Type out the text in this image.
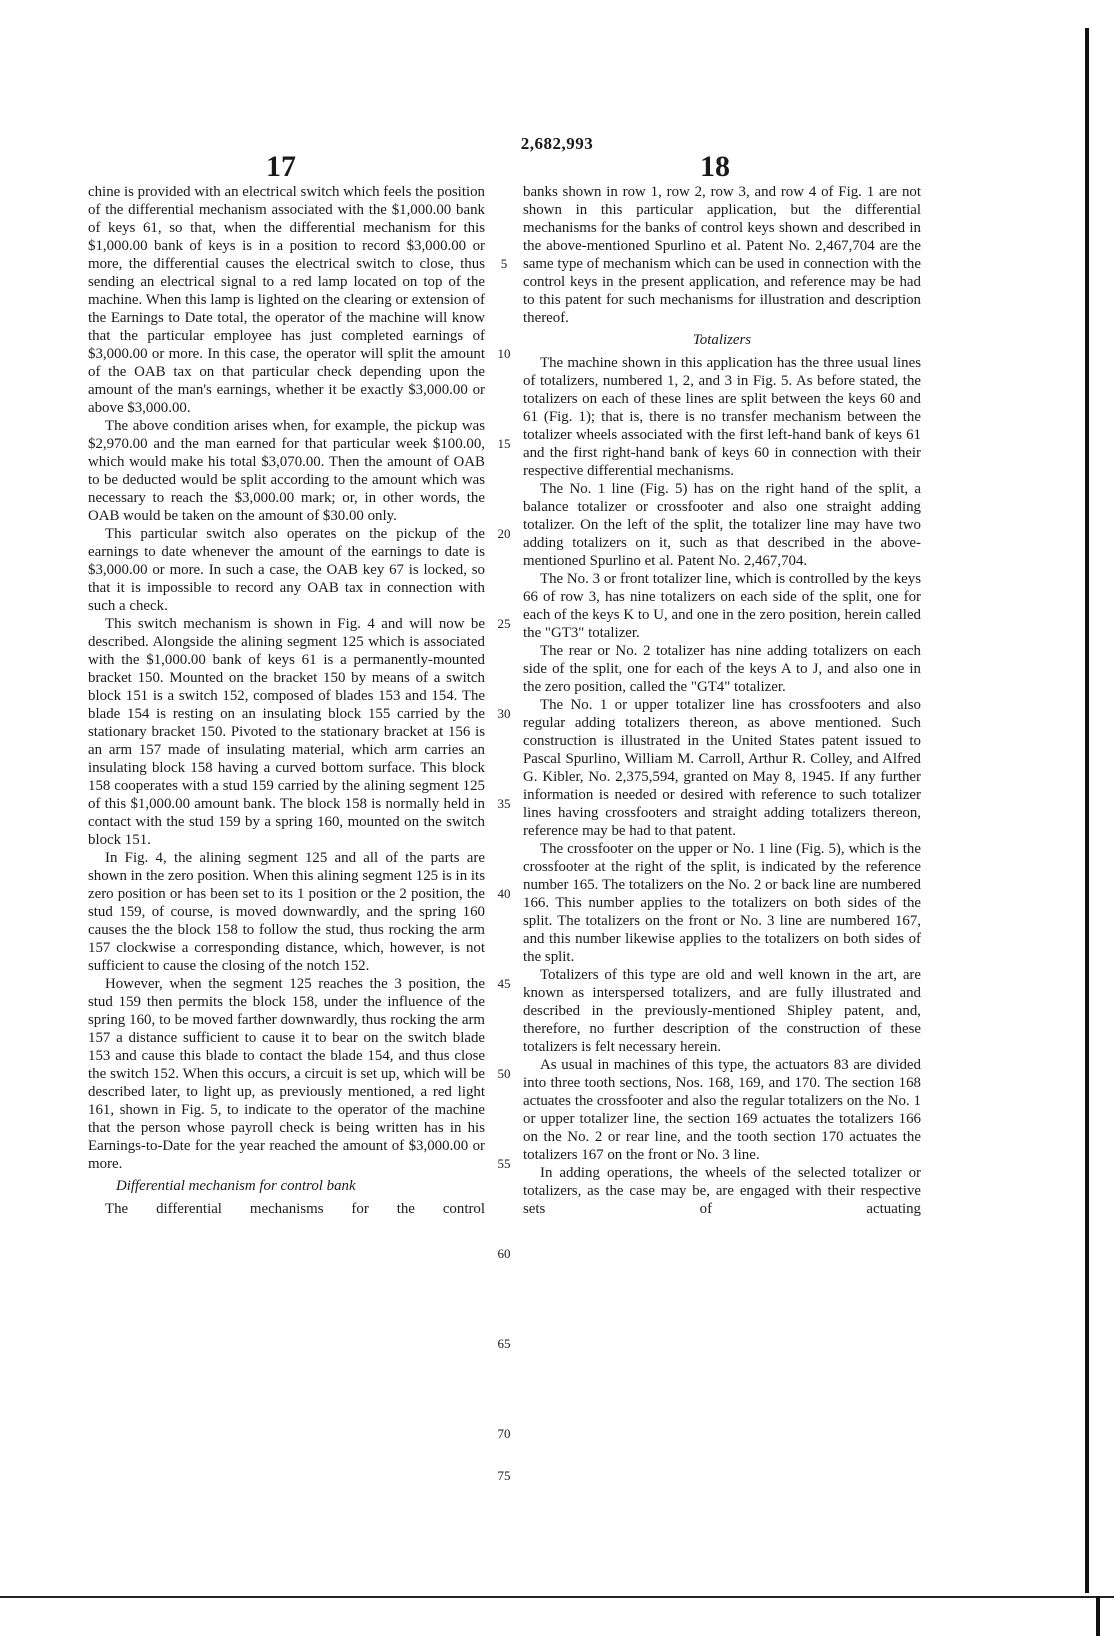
2,682,993
17	18

chine is provided with an electrical switch which feels the position of the differential mechanism associated with the $1,000.00 bank of keys 61, so that, when the differential mechanism for this $1,000.00 bank of keys is in a position to record $3,000.00 or more, the differential causes the electrical switch to close, thus sending an electrical signal to a red lamp located on top of the machine. When this lamp is lighted on the clearing or extension of the Earnings to Date total, the operator of the machine will know that the particular employee has just completed earnings of $3,000.00 or more. In this case, the operator will split the amount of the OAB tax on that particular check depending upon the amount of the man's earnings, whether it be exactly $3,000.00 or above $3,000.00.

The above condition arises when, for example, the pickup was $2,970.00 and the man earned for that particular week $100.00, which would make his total $3,070.00. Then the amount of OAB to be deducted would be split according to the amount which was necessary to reach the $3,000.00 mark; or, in other words, the OAB would be taken on the amount of $30.00 only.

This particular switch also operates on the pickup of the earnings to date whenever the amount of the earnings to date is $3,000.00 or more. In such a case, the OAB key 67 is locked, so that it is impossible to record any OAB tax in connection with such a check.

This switch mechanism is shown in Fig. 4 and will now be described. Alongside the alining segment 125 which is associated with the $1,000.00 bank of keys 61 is a permanently-mounted bracket 150. Mounted on the bracket 150 by means of a switch block 151 is a switch 152, composed of blades 153 and 154. The blade 154 is resting on an insulating block 155 carried by the stationary bracket 150. Pivoted to the stationary bracket at 156 is an arm 157 made of insulating material, which arm carries an insulating block 158 having a curved bottom surface. This block 158 cooperates with a stud 159 carried by the alining segment 125 of this $1,000.00 amount bank. The block 158 is normally held in contact with the stud 159 by a spring 160, mounted on the switch block 151.

In Fig. 4, the alining segment 125 and all of the parts are shown in the zero position. When this alining segment 125 is in its zero position or has been set to its 1 position or the 2 position, the stud 159, of course, is moved downwardly, and the spring 160 causes the the block 158 to follow the stud, thus rocking the arm 157 clockwise a corresponding distance, which, however, is not sufficient to cause the closing of the notch 152.

However, when the segment 125 reaches the 3 position, the stud 159 then permits the block 158, under the influence of the spring 160, to be moved farther downwardly, thus rocking the arm 157 a distance sufficient to cause it to bear on the switch blade 153 and cause this blade to contact the blade 154, and thus close the switch 152. When this occurs, a circuit is set up, which will be described later, to light up, as previously mentioned, a red light 161, shown in Fig. 5, to indicate to the operator of the machine that the person whose payroll check is being written has in his Earnings-to-Date for the year reached the amount of $3,000.00 or more.

Differential mechanism for control bank

The differential mechanisms for the control

5
10
15
20
25
30
35
40
45
50
55
60
65
70
75

banks shown in row 1, row 2, row 3, and row 4 of Fig. 1 are not shown in this particular application, but the differential mechanisms for the banks of control keys shown and described in the above-mentioned Spurlino et al. Patent No. 2,467,704 are the same type of mechanism which can be used in connection with the control keys in the present application, and reference may be had to this patent for such mechanisms for illustration and description thereof.

Totalizers

The machine shown in this application has the three usual lines of totalizers, numbered 1, 2, and 3 in Fig. 5. As before stated, the totalizers on each of these lines are split between the keys 60 and 61 (Fig. 1); that is, there is no transfer mechanism between the totalizer wheels associated with the first left-hand bank of keys 61 and the first right-hand bank of keys 60 in connection with their respective differential mechanisms.

The No. 1 line (Fig. 5) has on the right hand of the split, a balance totalizer or crossfooter and also one straight adding totalizer. On the left of the split, the totalizer line may have two adding totalizers on it, such as that described in the above-mentioned Spurlino et al. Patent No. 2,467,704.

The No. 3 or front totalizer line, which is controlled by the keys 66 of row 3, has nine totalizers on each side of the split, one for each of the keys K to U, and one in the zero position, herein called the "GT3" totalizer.

The rear or No. 2 totalizer has nine adding totalizers on each side of the split, one for each of the keys A to J, and also one in the zero position, called the "GT4" totalizer.

The No. 1 or upper totalizer line has crossfooters and also regular adding totalizers thereon, as above mentioned. Such construction is illustrated in the United States patent issued to Pascal Spurlino, William M. Carroll, Arthur R. Colley, and Alfred G. Kibler, No. 2,375,594, granted on May 8, 1945. If any further information is needed or desired with reference to such totalizer lines having crossfooters and straight adding totalizers thereon, reference may be had to that patent.

The crossfooter on the upper or No. 1 line (Fig. 5), which is the crossfooter at the right of the split, is indicated by the reference number 165. The totalizers on the No. 2 or back line are numbered 166. This number applies to the totalizers on both sides of the split. The totalizers on the front or No. 3 line are numbered 167, and this number likewise applies to the totalizers on both sides of the split.

Totalizers of this type are old and well known in the art, are known as interspersed totalizers, and are fully illustrated and described in the previously-mentioned Shipley patent, and, therefore, no further description of the construction of these totalizers is felt necessary herein.

As usual in machines of this type, the actuators 83 are divided into three tooth sections, Nos. 168, 169, and 170. The section 168 actuates the crossfooter and also the regular totalizers on the No. 1 or upper totalizer line, the section 169 actuates the totalizers 166 on the No. 2 or rear line, and the tooth section 170 actuates the totalizers 167 on the front or No. 3 line.

In adding operations, the wheels of the selected totalizer or totalizers, as the case may be, are engaged with their respective sets of actuating
